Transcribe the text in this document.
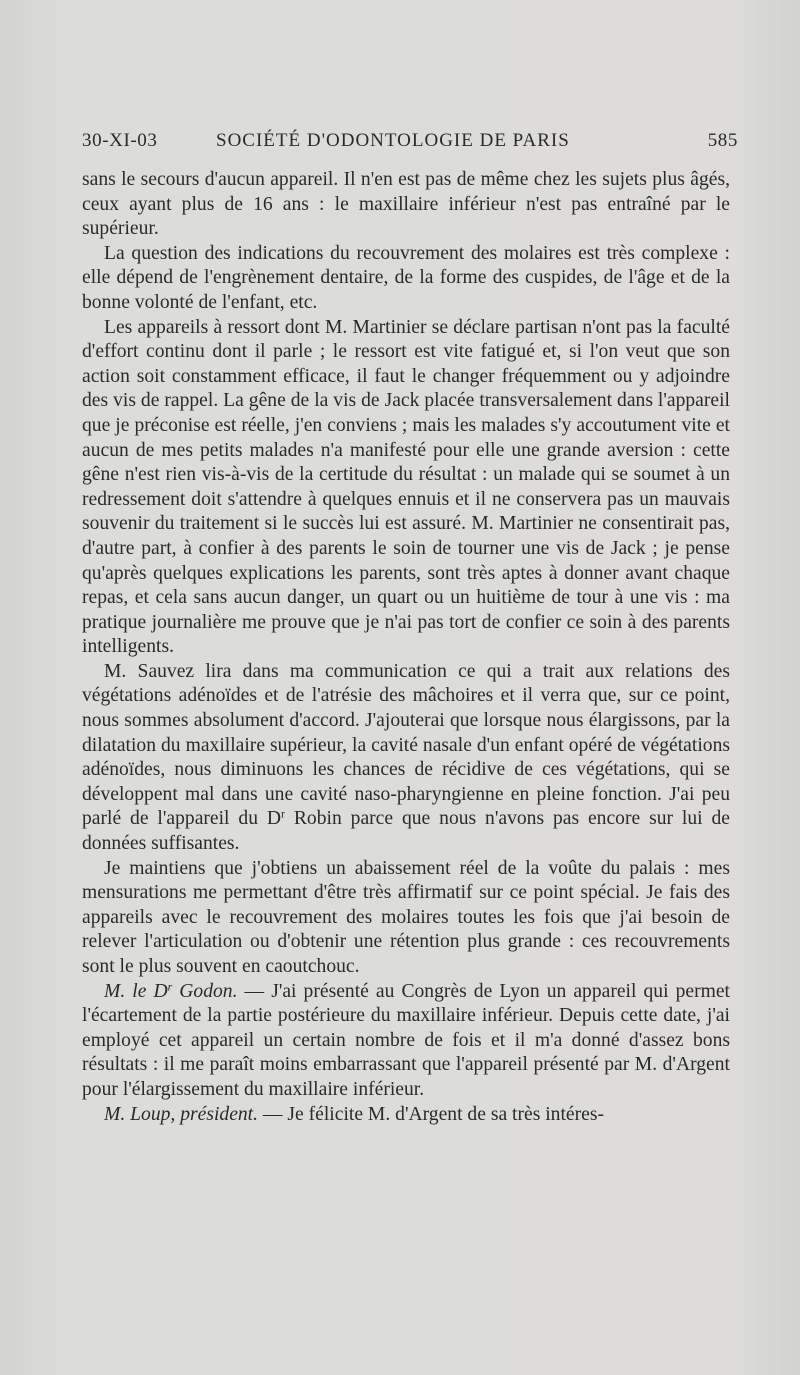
30-XI-03	SOCIÉTÉ D'ODONTOLOGIE DE PARIS	585

sans le secours d'aucun appareil. Il n'en est pas de même chez les sujets plus âgés, ceux ayant plus de 16 ans : le maxillaire inférieur n'est pas entraîné par le supérieur.

La question des indications du recouvrement des molaires est très complexe : elle dépend de l'engrènement dentaire, de la forme des cuspides, de l'âge et de la bonne volonté de l'enfant, etc.

Les appareils à ressort dont M. Martinier se déclare partisan n'ont pas la faculté d'effort continu dont il parle ; le ressort est vite fatigué et, si l'on veut que son action soit constamment efficace, il faut le changer fréquemment ou y adjoindre des vis de rappel. La gêne de la vis de Jack placée transversalement dans l'appareil que je préconise est réelle, j'en conviens ; mais les malades s'y accoutument vite et aucun de mes petits malades n'a manifesté pour elle une grande aversion : cette gêne n'est rien vis-à-vis de la certitude du résultat : un malade qui se soumet à un redressement doit s'attendre à quelques ennuis et il ne conservera pas un mauvais souvenir du traitement si le succès lui est assuré. M. Martinier ne consentirait pas, d'autre part, à confier à des parents le soin de tourner une vis de Jack ; je pense qu'après quelques explications les parents, sont très aptes à donner avant chaque repas, et cela sans aucun danger, un quart ou un huitième de tour à une vis : ma pratique journalière me prouve que je n'ai pas tort de confier ce soin à des parents intelligents.

M. Sauvez lira dans ma communication ce qui a trait aux relations des végétations adénoïdes et de l'atrésie des mâchoires et il verra que, sur ce point, nous sommes absolument d'accord. J'ajouterai que lorsque nous élargissons, par la dilatation du maxillaire supérieur, la cavité nasale d'un enfant opéré de végétations adénoïdes, nous diminuons les chances de récidive de ces végétations, qui se développent mal dans une cavité naso-pharyngienne en pleine fonction. J'ai peu parlé de l'appareil du $D^r$ Robin parce que nous n'avons pas encore sur lui de données suffisantes.

Je maintiens que j'obtiens un abaissement réel de la voûte du palais : mes mensurations me permettant d'être très affirmatif sur ce point spécial. Je fais des appareils avec le recouvrement des molaires toutes les fois que j'ai besoin de relever l'articulation ou d'obtenir une rétention plus grande : ces recouvrements sont le plus souvent en caoutchouc.

M. le $D^r$ Godon. — J'ai présenté au Congrès de Lyon un appareil qui permet l'écartement de la partie postérieure du maxillaire inférieur. Depuis cette date, j'ai employé cet appareil un certain nombre de fois et il m'a donné d'assez bons résultats : il me paraît moins embarrassant que l'appareil présenté par M. d'Argent pour l'élargissement du maxillaire inférieur.

M. Loup, président. — Je félicite M. d'Argent de sa très intéres-
